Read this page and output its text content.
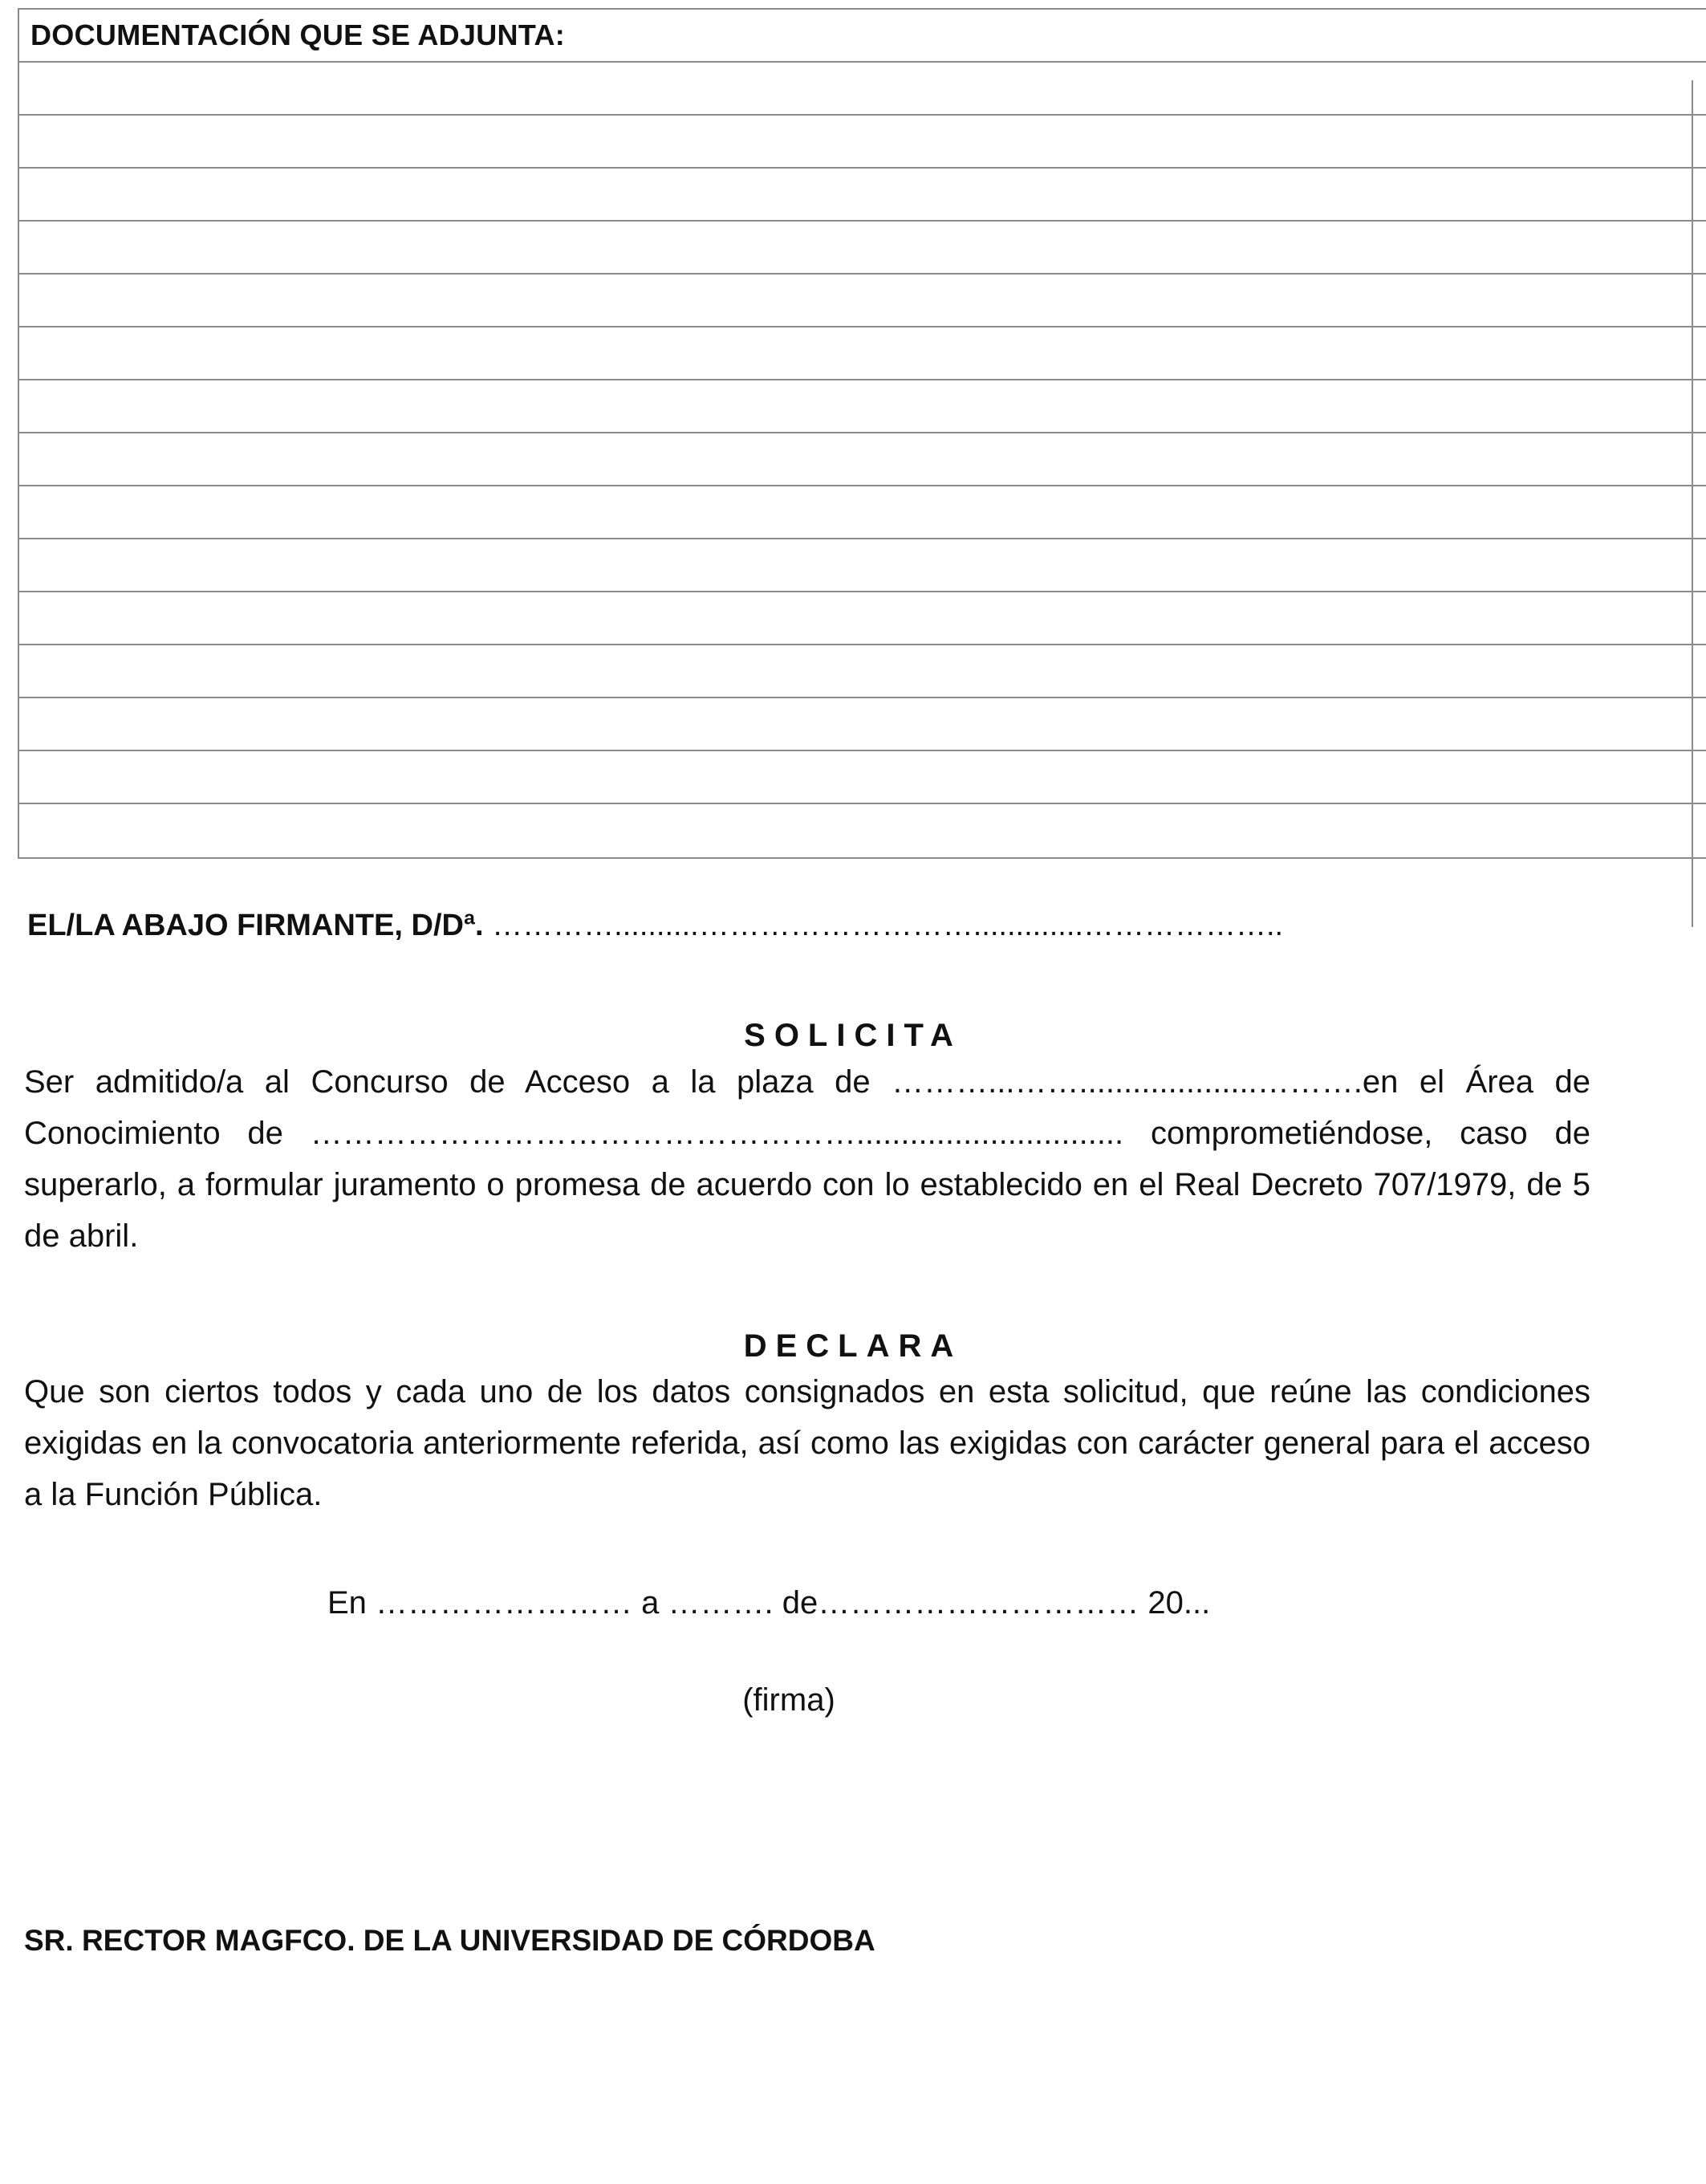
DOCUMENTACIÓN QUE SE ADJUNTA:
EL/LA ABAJO FIRMANTE, D/Dª. …………..........……………………….............………………..
SOLICITA
Ser admitido/a al Concurso de Acceso a la plaza de ………...……....................……….en el Área de Conocimiento de …………………………………………….............................. comprometiéndose, caso de superarlo, a formular juramento o promesa de acuerdo con lo establecido en el Real Decreto 707/1979, de 5 de abril.
DECLARA
Que son ciertos todos y cada uno de los datos consignados en esta solicitud, que reúne las condiciones exigidas en la convocatoria anteriormente referida, así como las exigidas con carácter general para el acceso a la Función Pública.
En …………………… a ………. de………………………… 20...
(firma)
SR. RECTOR MAGFCO. DE LA UNIVERSIDAD DE CÓRDOBA
